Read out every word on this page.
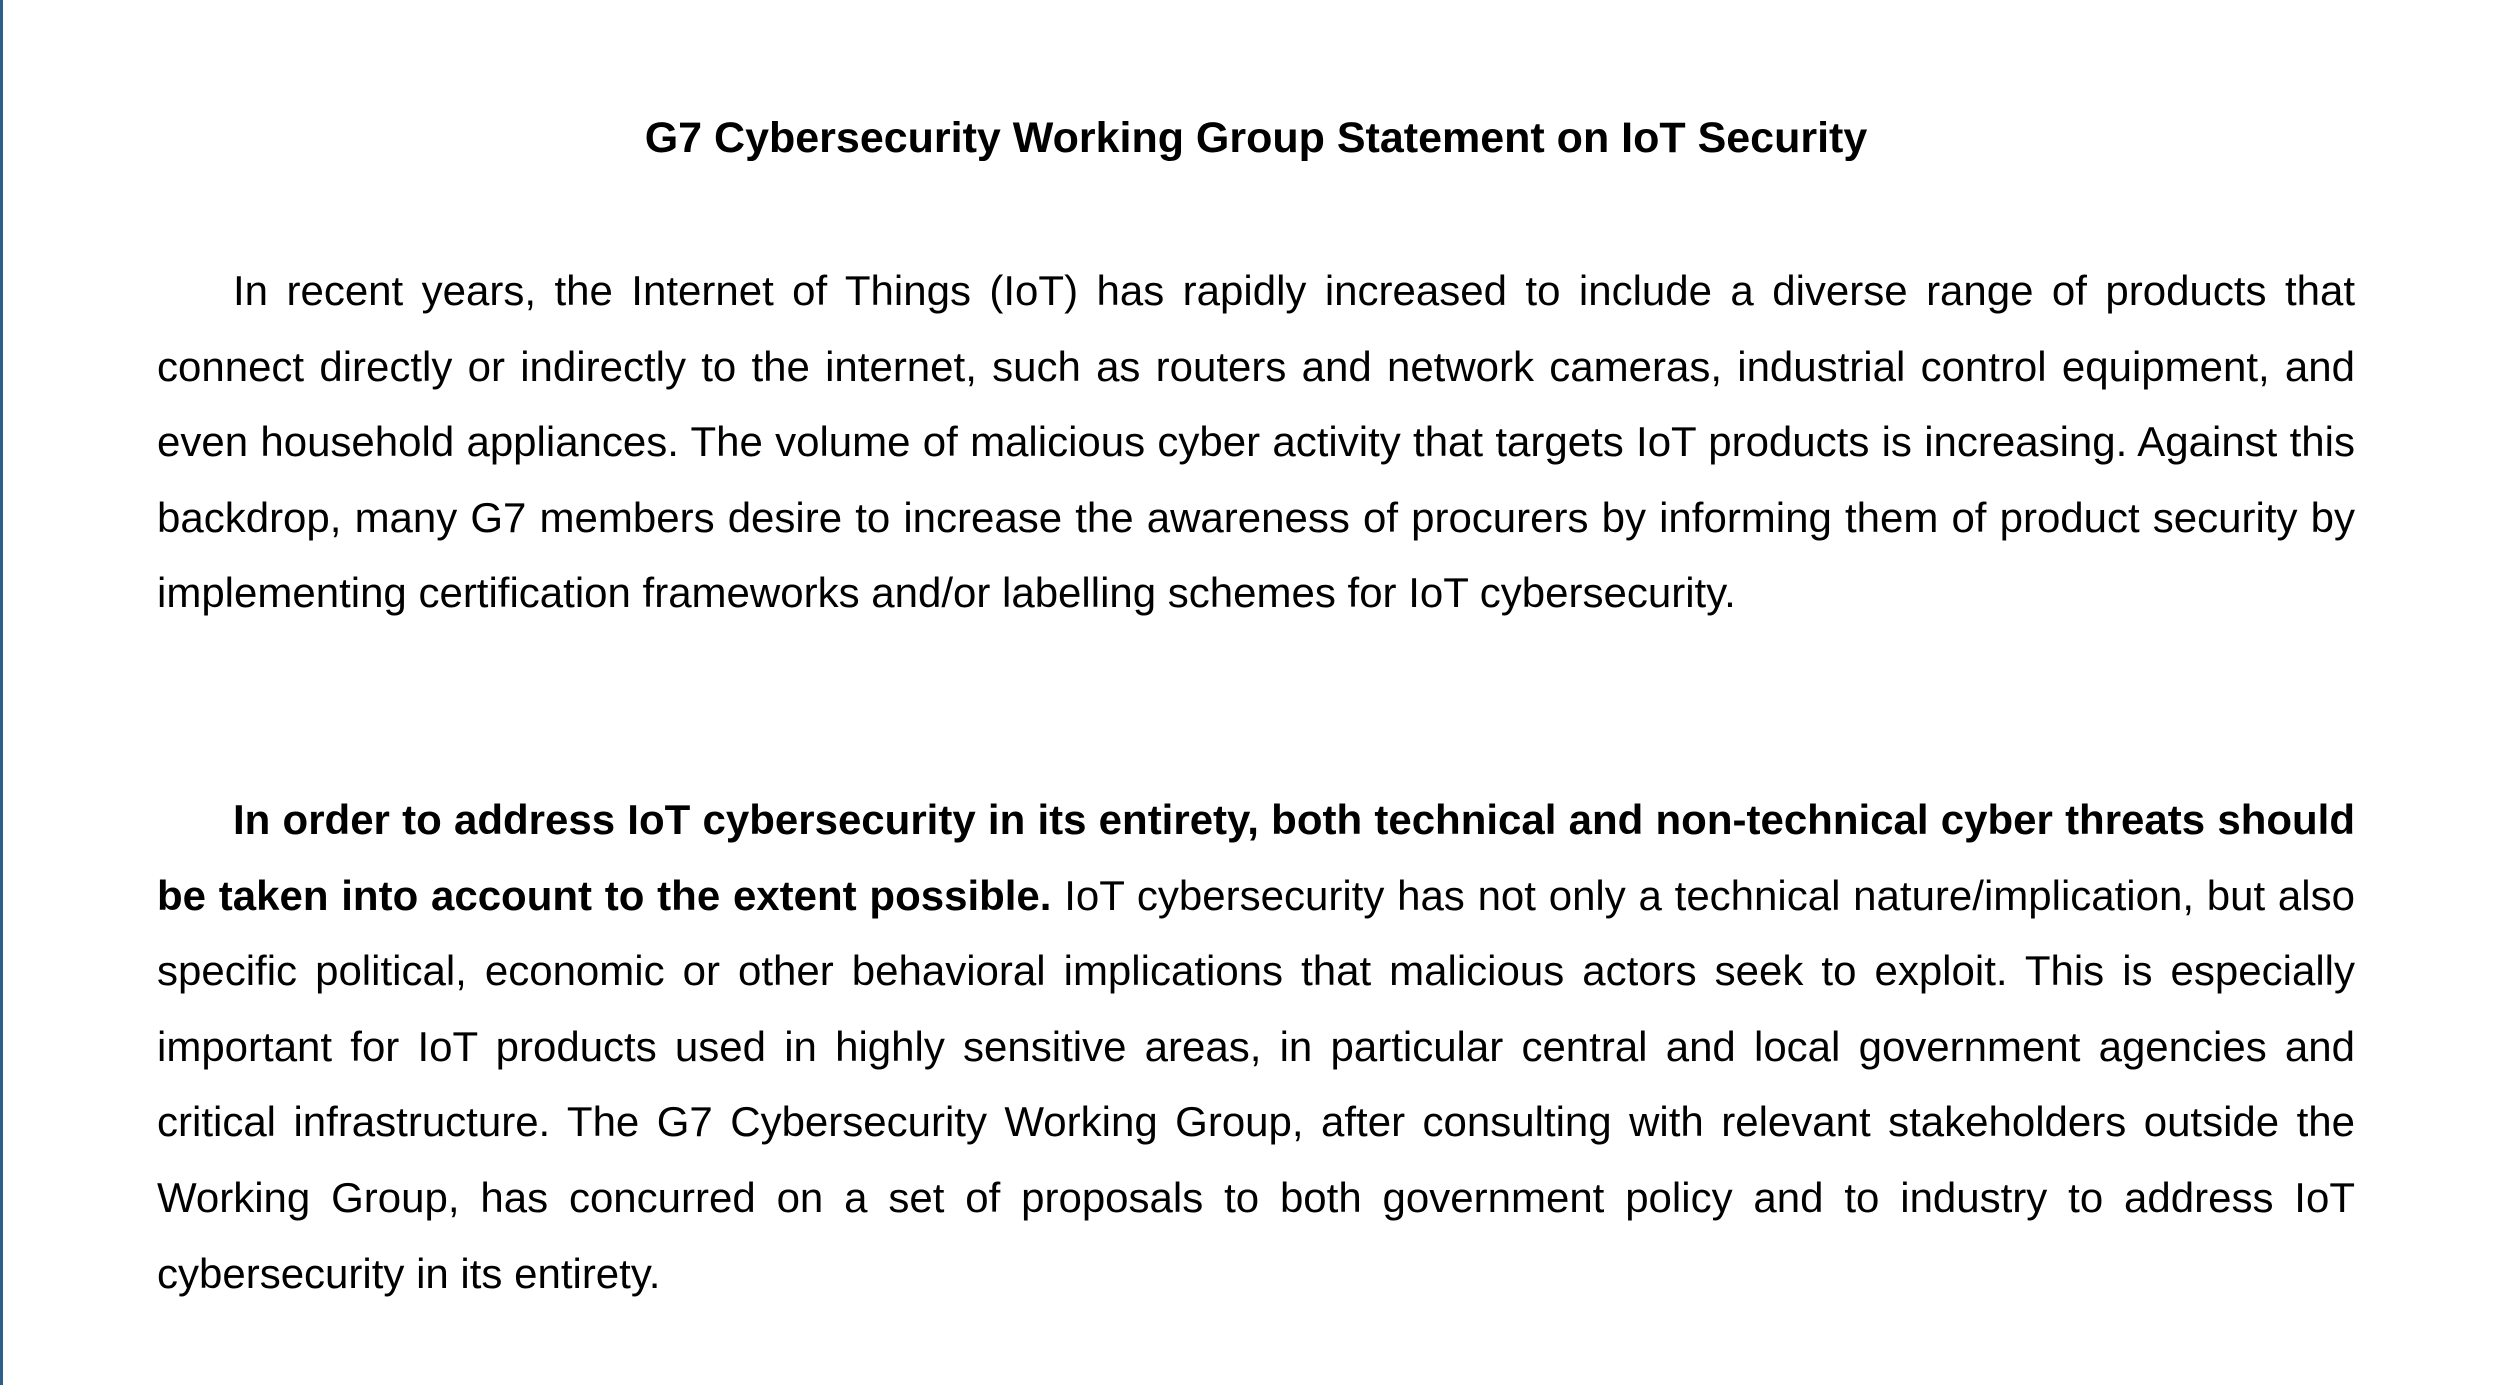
G7 Cybersecurity Working Group Statement on IoT Security

In recent years, the Internet of Things (IoT) has rapidly increased to include a diverse range of products that connect directly or indirectly to the internet, such as routers and network cameras, industrial control equipment, and even household appliances. The volume of malicious cyber activity that targets IoT products is increasing. Against this backdrop, many G7 members desire to increase the awareness of procurers by informing them of product security by implementing certification frameworks and/or labelling schemes for IoT cybersecurity.

In order to address IoT cybersecurity in its entirety, both technical and non-technical cyber threats should be taken into account to the extent possible. IoT cybersecurity has not only a technical nature/implication, but also specific political, economic or other behavioral implications that malicious actors seek to exploit. This is especially important for IoT products used in highly sensitive areas, in particular central and local government agencies and critical infrastructure. The G7 Cybersecurity Working Group, after consulting with relevant stakeholders outside the Working Group, has concurred on a set of proposals to both government policy and to industry to address IoT cybersecurity in its entirety.
